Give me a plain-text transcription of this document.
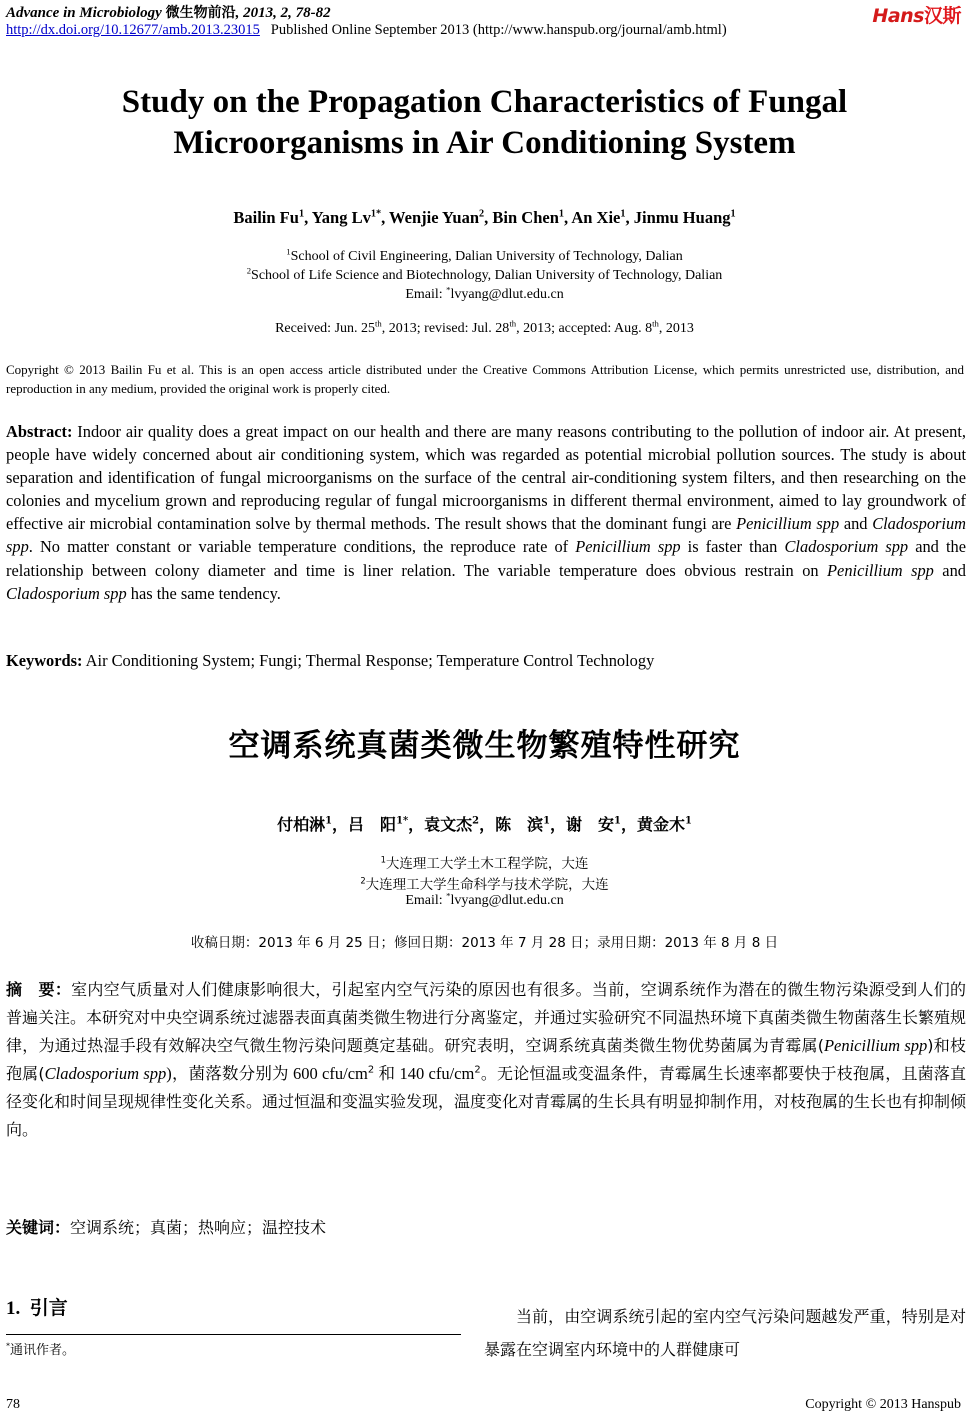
Advance in Microbiology 微生物前沿, 2013, 2, 78-82
http://dx.doi.org/10.12677/amb.2013.23015 Published Online September 2013 (http://www.hanspub.org/journal/amb.html)
Hans汉斯
Study on the Propagation Characteristics of Fungal
Microorganisms in Air Conditioning System
Bailin Fu$^1$, Yang $Lv^{1*}$, Wenjie Yuan$^2$, Bin Chen$^1$, An Xie$^1$, Jinmu Huang$^1$
$^1$School of Civil Engineering, Dalian University of Technology, Dalian
$^2$School of Life Science and Biotechnology, Dalian University of Technology, Dalian
Email: *lvyang@dlut.edu.cn
Received: Jun. 25th, 2013; revised: Jul. 28th, 2013; accepted: Aug. 8th, 2013
Copyright © 2013 Bailin Fu et al. This is an open access article distributed under the Creative Commons Attribution License, which permits unrestricted use, distribution, and reproduction in any medium, provided the original work is properly cited.
Abstract: Indoor air quality does a great impact on our health and there are many reasons contributing to the pollution of indoor air. At present, people have widely concerned about air conditioning system, which was regarded as potential microbial pollution sources. The study is about separation and identification of fungal microorganisms on the surface of the central air-conditioning system filters, and then researching on the colonies and mycelium grown and reproducing regular of fungal microorganisms in different thermal environment, aimed to lay groundwork of effective air microbial contamination solve by thermal methods. The result shows that the dominant fungi are Penicillium spp and Cladosporium spp. No matter constant or variable temperature conditions, the reproduce rate of Penicillium spp is faster than Cladosporium spp and the relationship between colony diameter and time is liner relation. The variable temperature does obvious restrain on Penicillium spp and Cladosporium spp has the same tendency.
Keywords: Air Conditioning System; Fungi; Thermal Response; Temperature Control Technology
空调系统真菌类微生物繁殖特性研究
付柏淋$^1$，吕　阳$^{1*}$，袁文杰$^2$，陈　滨$^1$，谢　安$^1$，黄金木$^1$
$^1$大连理工大学土木工程学院，大连
$^2$大连理工大学生命科学与技术学院，大连
Email: *lvyang@dlut.edu.cn
收稿日期：2013 年 6 月 25 日；修回日期：2013 年 7 月 28 日；录用日期：2013 年 8 月 8 日
摘　要：室内空气质量对人们健康影响很大，引起室内空气污染的原因也有很多。当前，空调系统作为潜在的微生物污染源受到人们的普遍关注。本研究对中央空调系统过滤器表面真菌类微生物进行分离鉴定，并通过实验研究不同温热环境下真菌类微生物菌落生长繁殖规律，为通过热湿手段有效解决空气微生物污染问题奠定基础。研究表明，空调系统真菌类微生物优势菌属为青霉属(Penicillium spp)和枝孢属(Cladosporium spp)，菌落数分别为 600 cfu/$cm^2$ 和 140 cfu/$cm^2$。无论恒温或变温条件，青霉属生长速率都要快于枝孢属，且菌落直径变化和时间呈现规律性变化关系。通过恒温和变温实验发现，温度变化对青霉属的生长具有明显抑制作用，对枝孢属的生长也有抑制倾向。
关键词：空调系统；真菌；热响应；温控技术
1. 引言
*通讯作者。

当前，由空调系统引起的室内空气污染问题越发严重，特别是对暴露在空调室内环境中的人群健康可

78	Copyright © 2013 Hanspub
